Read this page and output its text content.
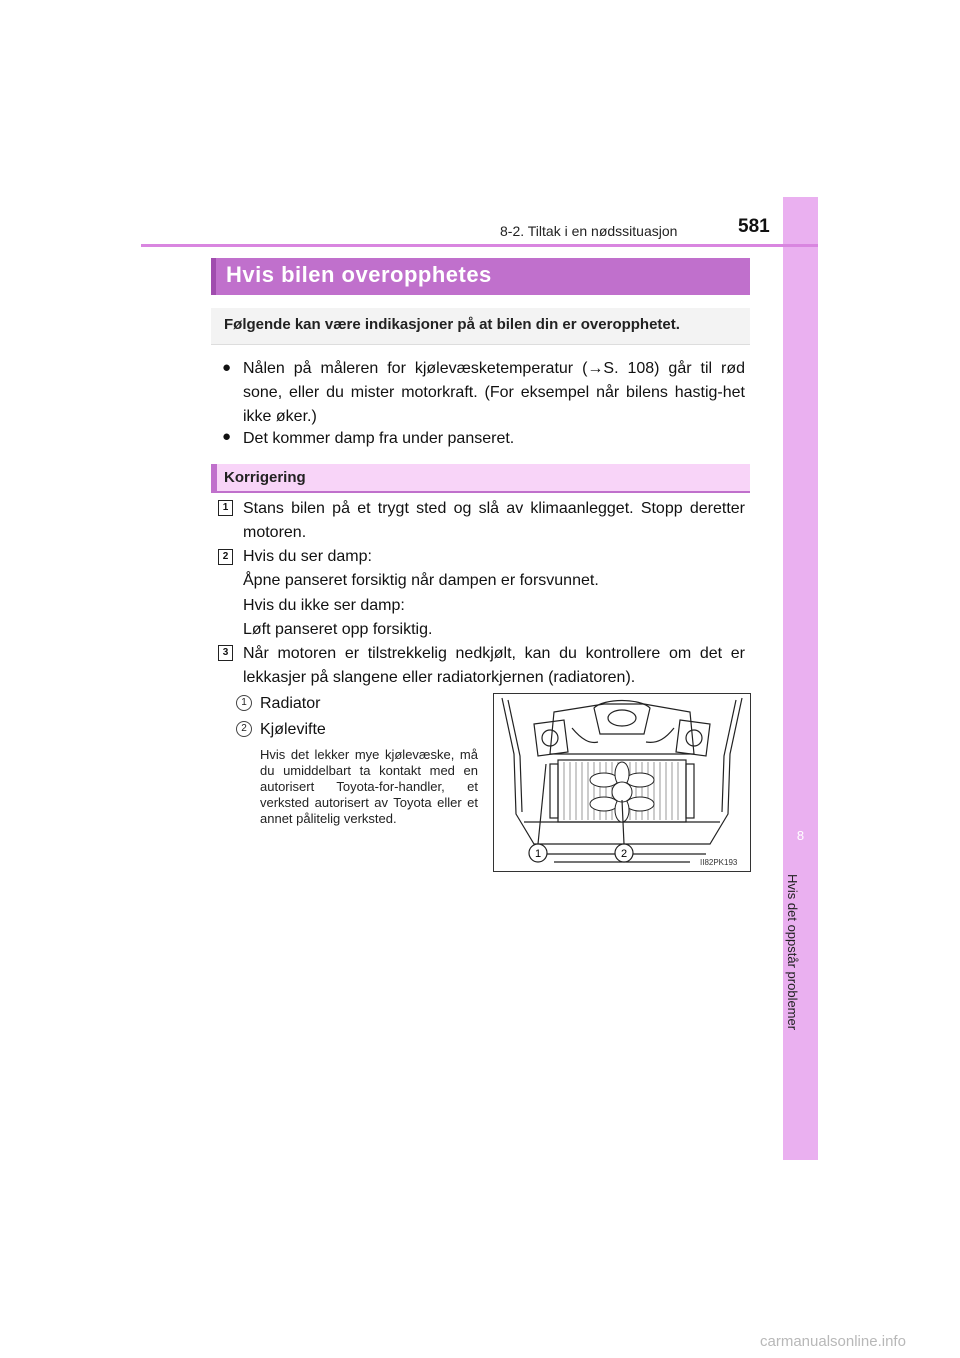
8
Hvis det oppstår problemer
8-2. Tiltak i en nødssituasjon	581
Hvis bilen overopphetes
Følgende kan være indikasjoner på at bilen din er overopphetet.
● Nålen på måleren for kjølevæsketemperatur (→S. 108) går til rød sone, eller du mister motorkraft. (For eksempel når bilens hastig-het ikke øker.)
● Det kommer damp fra under panseret.
Korrigering
1 Stans bilen på et trygt sted og slå av klimaanlegget. Stopp deretter motoren.
2 Hvis du ser damp:
Åpne panseret forsiktig når dampen er forsvunnet.
Hvis du ikke ser damp:
Løft panseret opp forsiktig.
3 Når motoren er tilstrekkelig nedkjølt, kan du kontrollere om det er lekkasjer på slangene eller radiatorkjernen (radiatoren).
1 Radiator
2 Kjølevifte
Hvis det lekker mye kjølevæske, må du umiddelbart ta kontakt med en autorisert Toyota-for-handler, et verksted autorisert av Toyota eller et annet pålitelig verksted.
1	2
II82PK193
carmanualsonline.info
